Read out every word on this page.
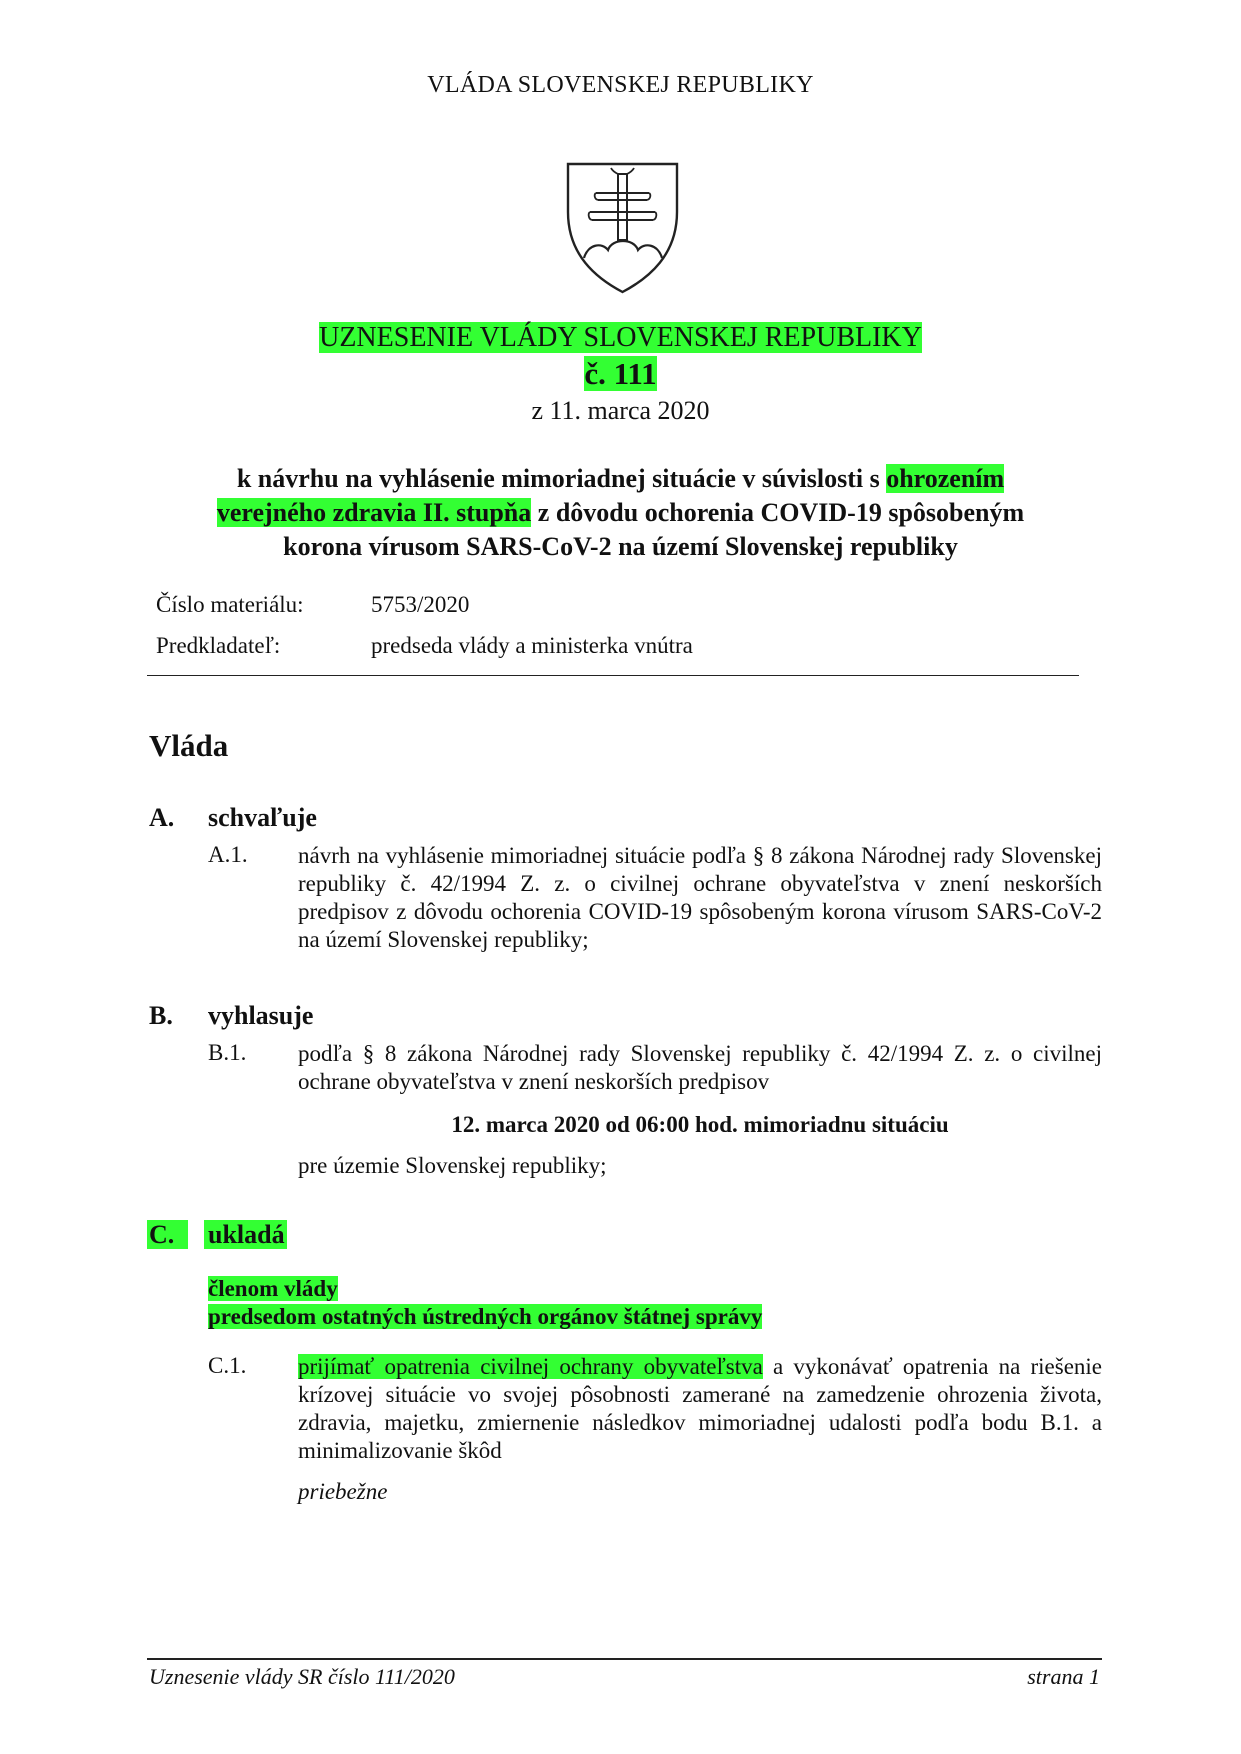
VLÁDA SLOVENSKEJ REPUBLIKY
UZNESENIE VLÁDY SLOVENSKEJ REPUBLIKY
č. 111
z 11. marca 2020
k návrhu na vyhlásenie mimoriadnej situácie v súvislosti s ohrozením
verejného zdravia II. stupňa z dôvodu ochorenia COVID-19 spôsobeným
korona vírusom SARS-CoV-2 na území Slovenskej republiky
Číslo materiálu:	5753/2020
Predkladateľ:	predseda vlády a ministerka vnútra
Vláda
A. schvaľuje
A.1. návrh na vyhlásenie mimoriadnej situácie podľa § 8 zákona Národnej rady Slovenskej republiky č. 42/1994 Z. z. o civilnej ochrane obyvateľstva v znení neskorších predpisov z dôvodu ochorenia COVID-19 spôsobeným korona vírusom SARS-CoV-2 na území Slovenskej republiky;
B. vyhlasuje
B.1. podľa § 8 zákona Národnej rady Slovenskej republiky č. 42/1994 Z. z. o civilnej ochrane obyvateľstva v znení neskorších predpisov
12. marca 2020 od 06:00 hod. mimoriadnu situáciu
pre územie Slovenskej republiky;
C.	ukladá
členom vlády
predsedom ostatných ústredných orgánov štátnej správy
C.1. prijímať opatrenia civilnej ochrany obyvateľstva a vykonávať opatrenia na riešenie krízovej situácie vo svojej pôsobnosti zamerané na zamedzenie ohrozenia života, zdravia, majetku, zmiernenie následkov mimoriadnej udalosti podľa bodu B.1. a minimalizovanie škôd
priebežne
Uznesenie vlády SR číslo 111/2020	strana 1
